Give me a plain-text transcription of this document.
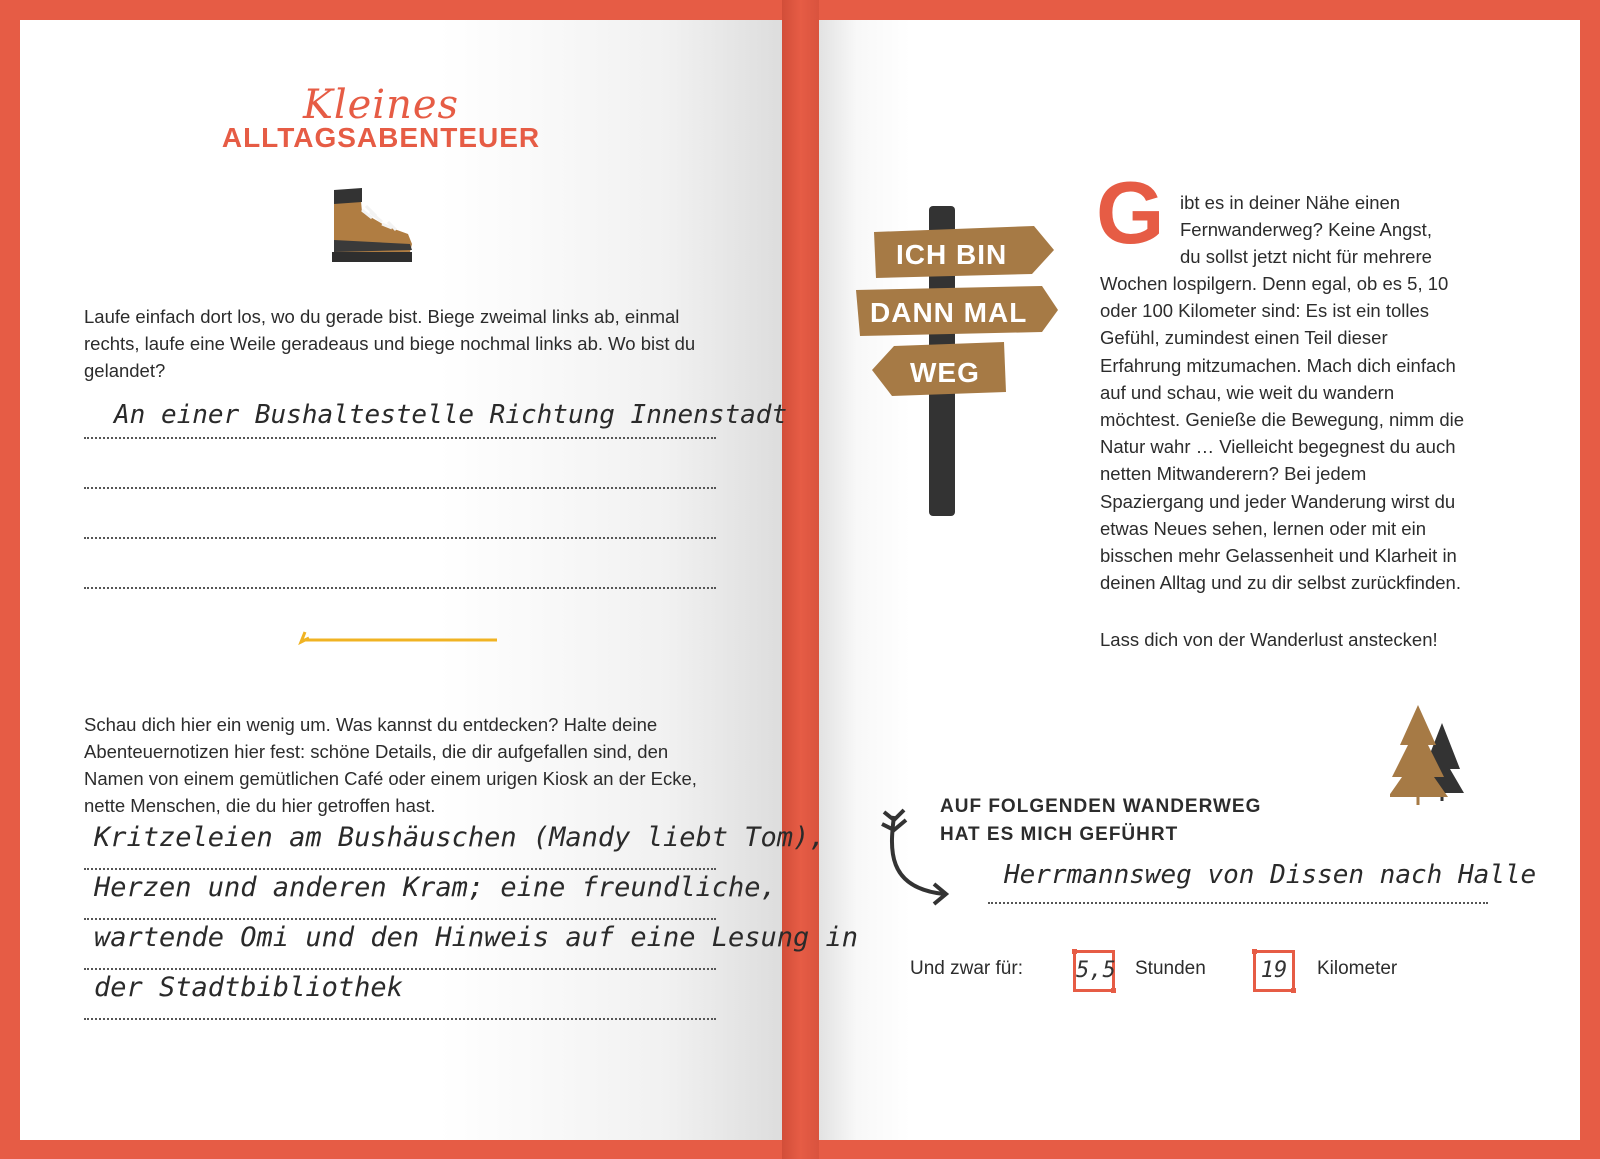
Kleines
ALLTAGSABENTEUER
Laufe einfach dort los, wo du gerade bist. Biege zweimal links ab, einmal rechts, laufe eine Weile geradeaus und biege nochmal links ab. Wo bist du gelandet?
An einer Bushaltestelle Richtung Innenstadt
Schau dich hier ein wenig um. Was kannst du entdecken? Halte deine Abenteuernotizen hier fest: schöne Details, die dir aufgefallen sind, den Namen von einem gemütlichen Café oder einem urigen Kiosk an der Ecke, nette Menschen, die du hier getroffen hast.
Kritzeleien am Bushäuschen (Mandy liebt Tom),
Herzen und anderen Kram; eine freundliche,
wartende Omi und den Hinweis auf eine Lesung in
der Stadtbibliothek
ICH BIN
DANN MAL
WEG
G ibt es in deiner Nähe einen
Fernwanderweg? Keine Angst,
du sollst jetzt nicht für mehrere
Wochen lospilgern. Denn egal, ob es 5, 10 oder 100 Kilometer sind: Es ist ein tolles Gefühl, zumindest einen Teil dieser Erfahrung mitzumachen. Mach dich einfach auf und schau, wie weit du wandern möchtest. Genieße die Bewegung, nimm die Natur wahr … Vielleicht begegnest du auch netten Mitwanderern? Bei jedem Spaziergang und jeder Wanderung wirst du etwas Neues sehen, lernen oder mit ein bisschen mehr Gelassenheit und Klarheit in deinen Alltag und zu dir selbst zurückfinden.
Lass dich von der Wanderlust anstecken!
AUF FOLGENDEN WANDERWEG
HAT ES MICH GEFÜHRT
Herrmannsweg von Dissen nach Halle
Und zwar für: 5,5 Stunden	19	Kilometer
